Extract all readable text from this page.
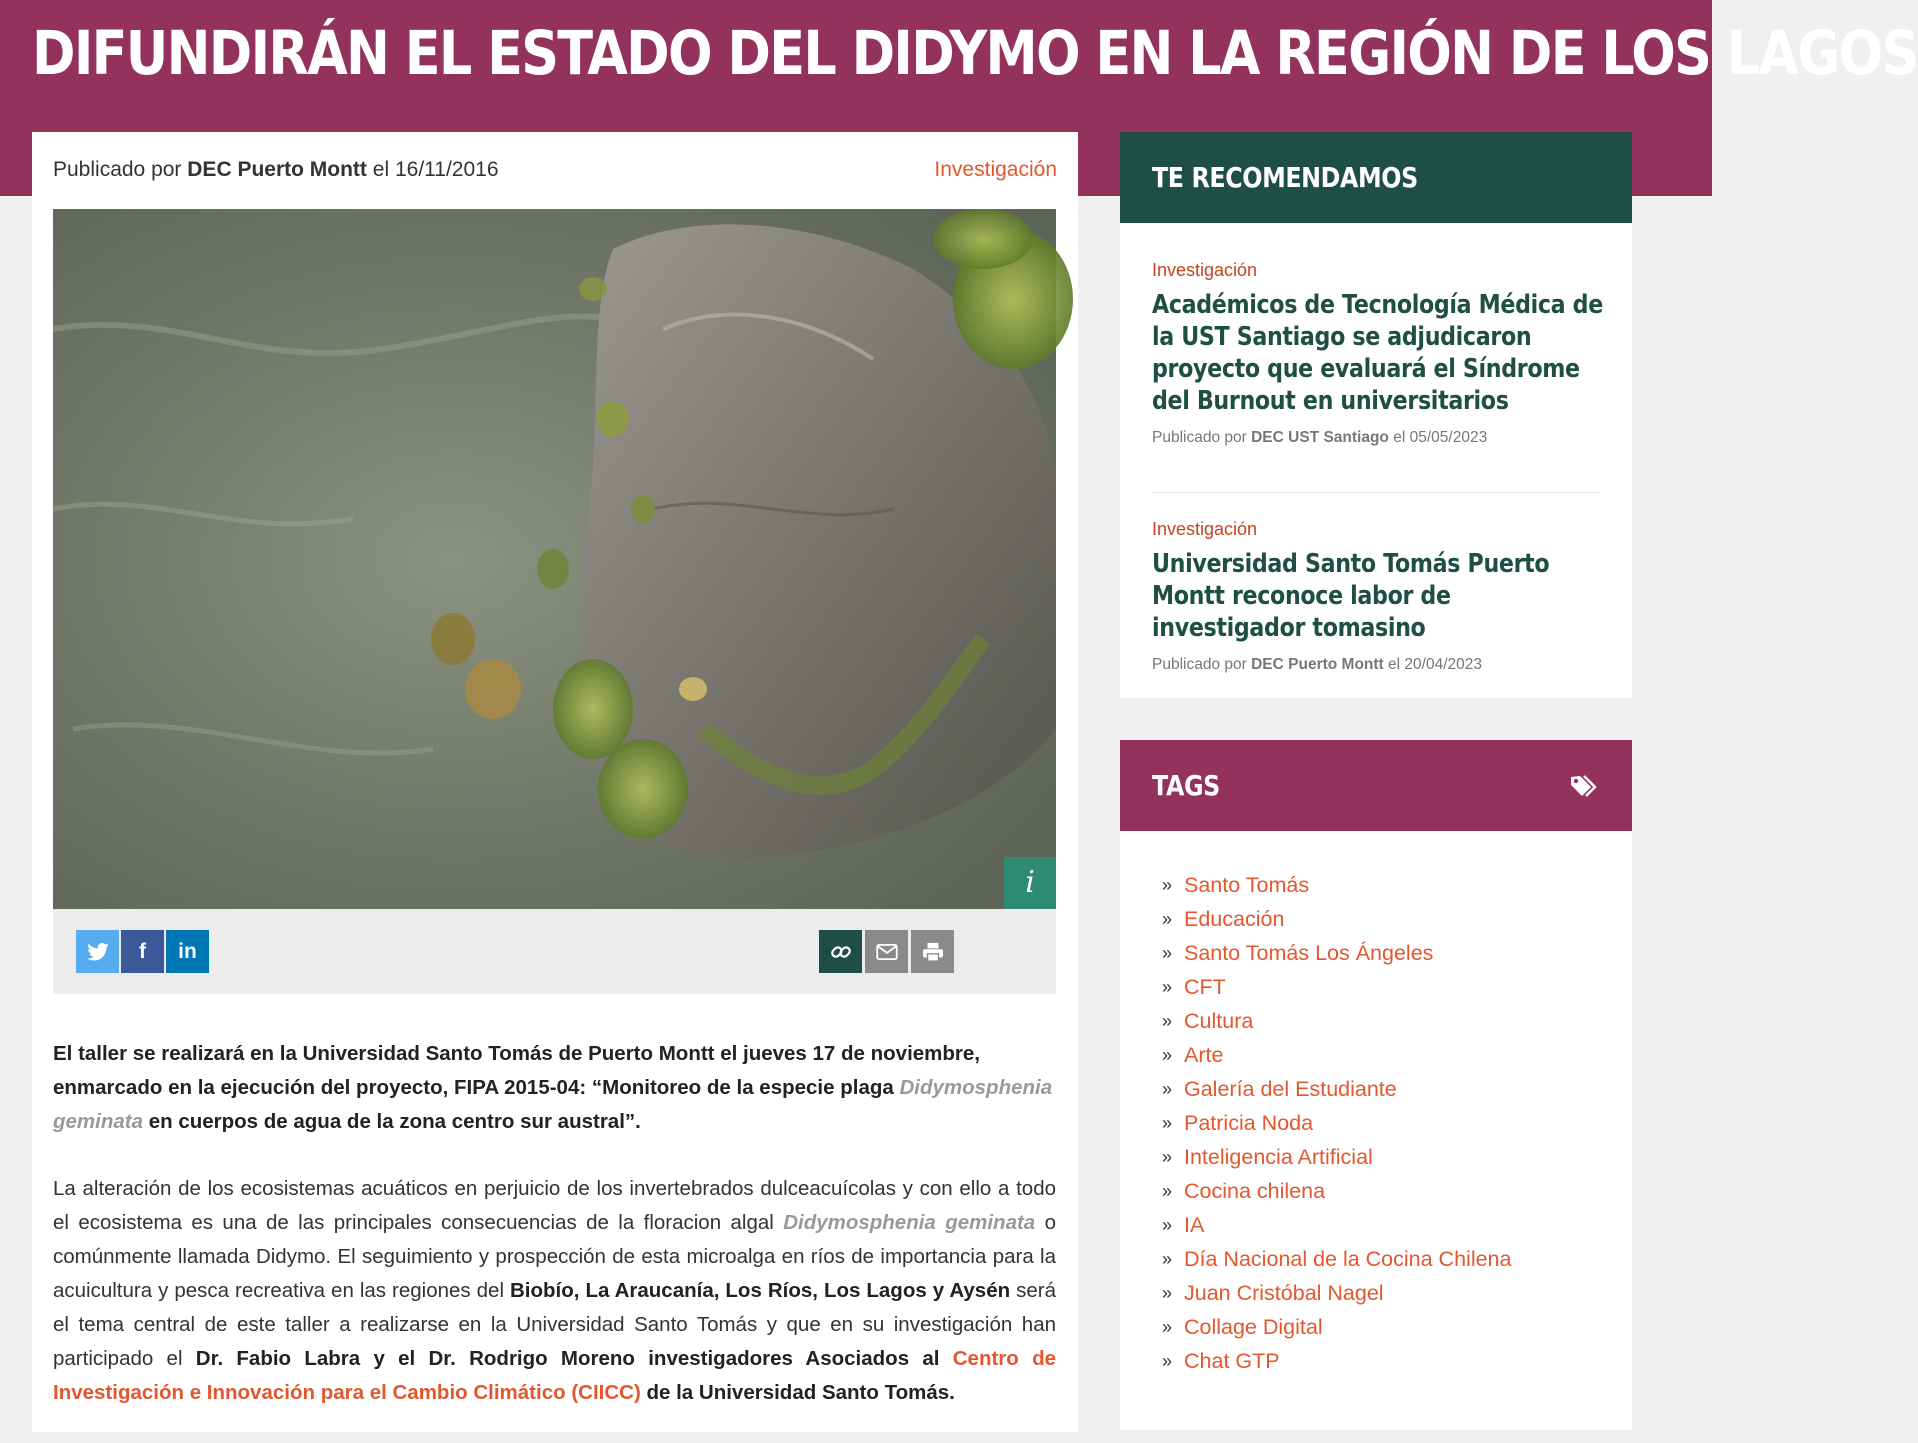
DIFUNDIRÁN EL ESTADO DEL DIDYMO EN LA REGIÓN DE LOS LAGOS
Publicado por DEC Puerto Montt el 16/11/2016	Investigación
i
f in

El taller se realizará en la Universidad Santo Tomás de Puerto Montt el jueves 17 de noviembre, enmarcado en la ejecución del proyecto, FIPA 2015-04: “Monitoreo de la especie plaga Didymosphenia geminata en cuerpos de agua de la zona centro sur austral”.

La alteración de los ecosistemas acuáticos en perjuicio de los invertebrados dulceacuícolas y con ello a todo el ecosistema es una de las principales consecuencias de la floracion algal Didymosphenia geminata o comúnmente llamada Didymo. El seguimiento y prospección de esta microalga en ríos de importancia para la acuicultura y pesca recreativa en las regiones del Biobío, La Araucanía, Los Ríos, Los Lagos y Aysén será el tema central de este taller a realizarse en la Universidad Santo Tomás y que en su investigación han participado el Dr. Fabio Labra y el Dr. Rodrigo Moreno investigadores Asociados al Centro de Investigación e Innovación para el Cambio Climático (CIICC) de la Universidad Santo Tomás.

TE RECOMENDAMOS
Investigación
Académicos de Tecnología Médica de la UST Santiago se adjudicaron proyecto que evaluará el Síndrome del Burnout en universitarios
Publicado por DEC UST Santiago el 05/05/2023
Investigación
Universidad Santo Tomás Puerto Montt reconoce labor de investigador tomasino
Publicado por DEC Puerto Montt el 20/04/2023
TAGS
» Santo Tomás
» Educación
» Santo Tomás Los Ángeles
» CFT
» Cultura
» Arte
» Galería del Estudiante
» Patricia Noda
» Inteligencia Artificial
» Cocina chilena
» IA
» Día Nacional de la Cocina Chilena
» Juan Cristóbal Nagel
» Collage Digital
» Chat GTP
